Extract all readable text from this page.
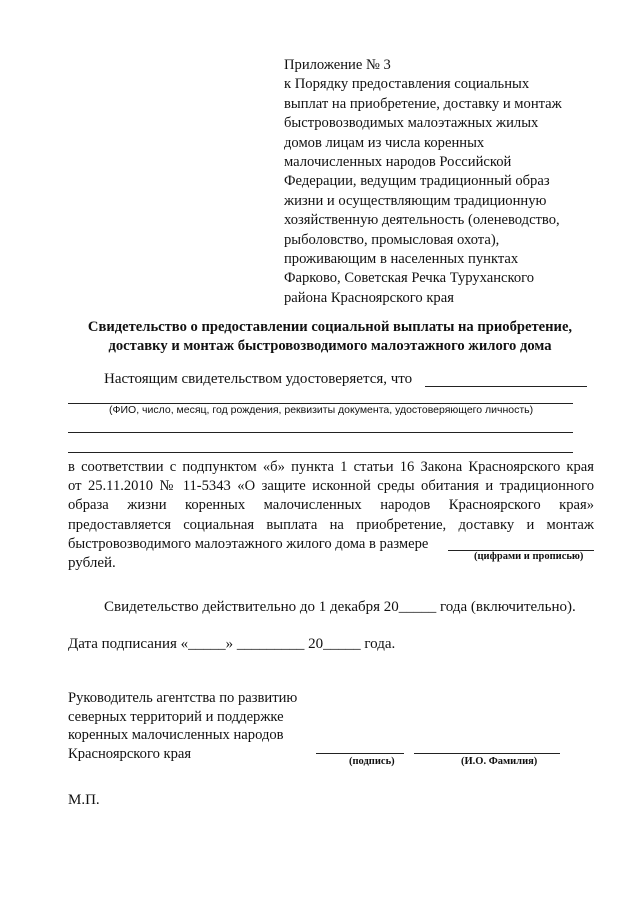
Приложение № 3
к Порядку предоставления социальных
выплат на приобретение, доставку и монтаж
быстровозводимых малоэтажных жилых
домов лицам из числа коренных
малочисленных народов Российской
Федерации, ведущим традиционный образ
жизни и осуществляющим традиционную
хозяйственную деятельность (оленеводство,
рыболовство, промысловая охота),
проживающим в населенных пунктах
Фарково, Советская Речка Туруханского
района Красноярского края
Свидетельство о предоставлении социальной выплаты на приобретение,
доставку и монтаж быстровозводимого малоэтажного жилого дома
Настоящим свидетельством удостоверяется, что
(ФИО, число, месяц, год рождения, реквизиты документа, удостоверяющего личность)
в соответствии с подпунктом «б» пункта 1 статьи 16 Закона Красноярского края
от 25.11.2010 № 11-5343 «О защите исконной среды обитания и традиционного
образа жизни коренных малочисленных народов Красноярского края»
предоставляется социальная выплата на приобретение, доставку и монтаж
быстровозводимого малоэтажного жилого дома в размере
(цифрами и прописью)
рублей.
Свидетельство действительно до 1 декабря 20_____ года (включительно).
Дата подписания «_____» _________ 20_____ года.
Руководитель агентства по развитию
северных территорий и поддержке
коренных малочисленных народов
Красноярского края	(подпись)	(И.О. Фамилия)
М.П.
